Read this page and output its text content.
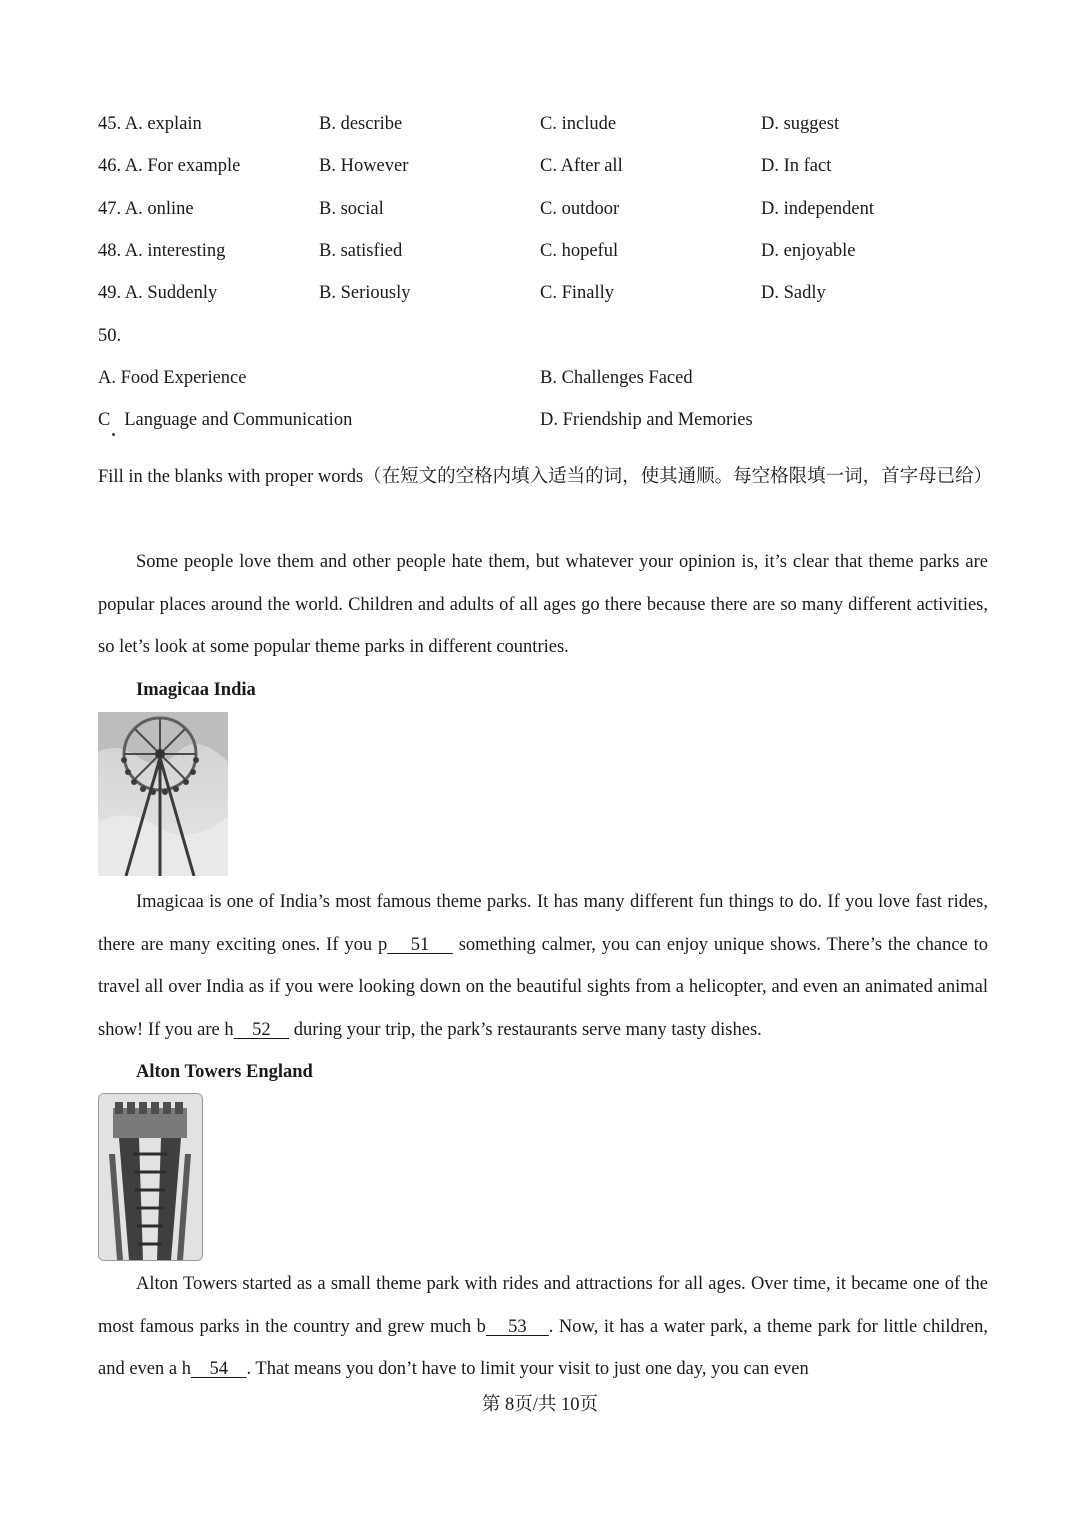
45. A. explain	B. describe	C. include	D. suggest
46. A. For example	B. However	C. After all	D. In fact
47. A. online	B. social	C. outdoor	D. independent
48. A. interesting	B. satisfied	C. hopeful	D. enjoyable
49. A. Suddenly	B. Seriously	C. Finally	D. Sadly
50.
A. Food Experience	B. Challenges Faced
C   Language and Communication	D. Friendship and Memories

Fill in the blanks with proper words（在短文的空格内填入适当的词，使其通顺。每空格限填一词，首字母已给）

Some people love them and other people hate them, but whatever your opinion is, it’s clear that theme parks are popular places around the world. Children and adults of all ages go there because there are so many different activities, so let’s look at some popular theme parks in different countries.

Imagicaa India

Imagicaa is one of India’s most famous theme parks. It has many different fun things to do. If you love fast rides, there are many exciting ones. If you p    51     something calmer, you can enjoy unique shows. There’s the chance to travel all over India as if you were looking down on the beautiful sights from a helicopter, and even an animated animal show! If you are h    52     during your trip, the park’s restaurants serve many tasty dishes.

Alton Towers England

Alton Towers started as a small theme park with rides and attractions for all ages. Over time, it became one of the most famous parks in the country and grew much b    53    . Now, it has a water park, a theme park for little children, and even a h    54    . That means you don’t have to limit your visit to just one day, you can even

第 8页/共 10页
